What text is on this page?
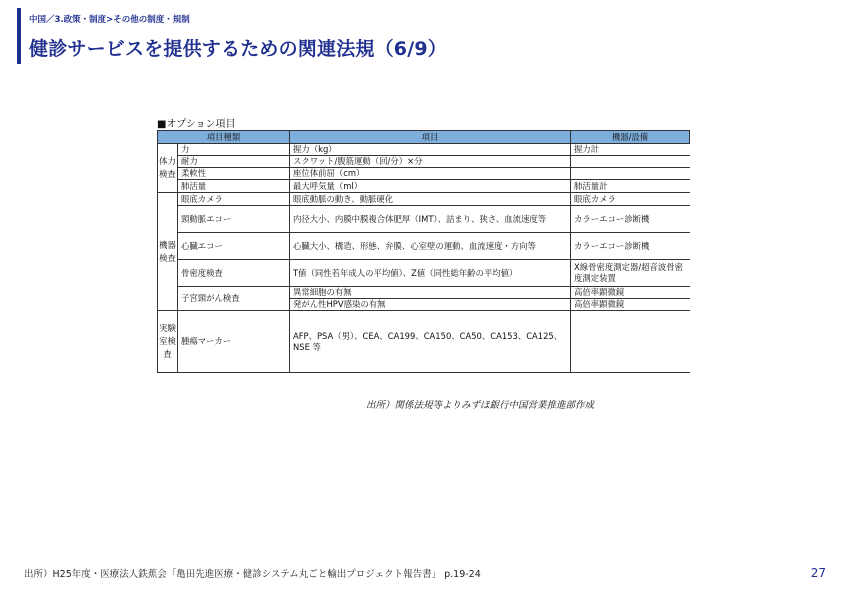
中国／3.政策・制度>その他の制度・規制
健診サービスを提供するための関連法規（6/9）
■オプション項目
項目種類		項目	機器/設備
体力検査	力	握力（kg）	握力計
	耐力	スクワット/腹筋運動（回/分）×分	
	柔軟性	座位体前屈（cm）	
	肺活量	最大呼気量（ml）	肺活量計
機器検査	眼底カメラ	眼底動脈の動き、動脈硬化	眼底カメラ
	頸動脈エコー	内径大小、内膜中膜複合体肥厚（IMT）、詰まり、狭さ、血流速度等	カラーエコー診断機
	心臓エコー	心臓大小、構造、形態、弁膜、心室壁の運動、血流速度・方向等	カラーエコー診断機
	骨密度検査	T値（同性若年成人の平均値）、Z値（同性総年齢の平均値）	X線骨密度測定器/超音波骨密度測定装置
	子宮頸がん検査	異常細胞の有無	高倍率顕微鏡
		発がん性HPV感染の有無	高倍率顕微鏡
実験室検査	腫瘍マーカー	AFP、PSA（男）、CEA、CA199、CA150、CA50、CA153、CA125、NSE 等	
出所）関係法規等よりみずほ銀行中国営業推進部作成
出所）H25年度・医療法人鉄蕉会「亀田先進医療・健診システム丸ごと輸出プロジェクト報告書」 p.19-24	27
